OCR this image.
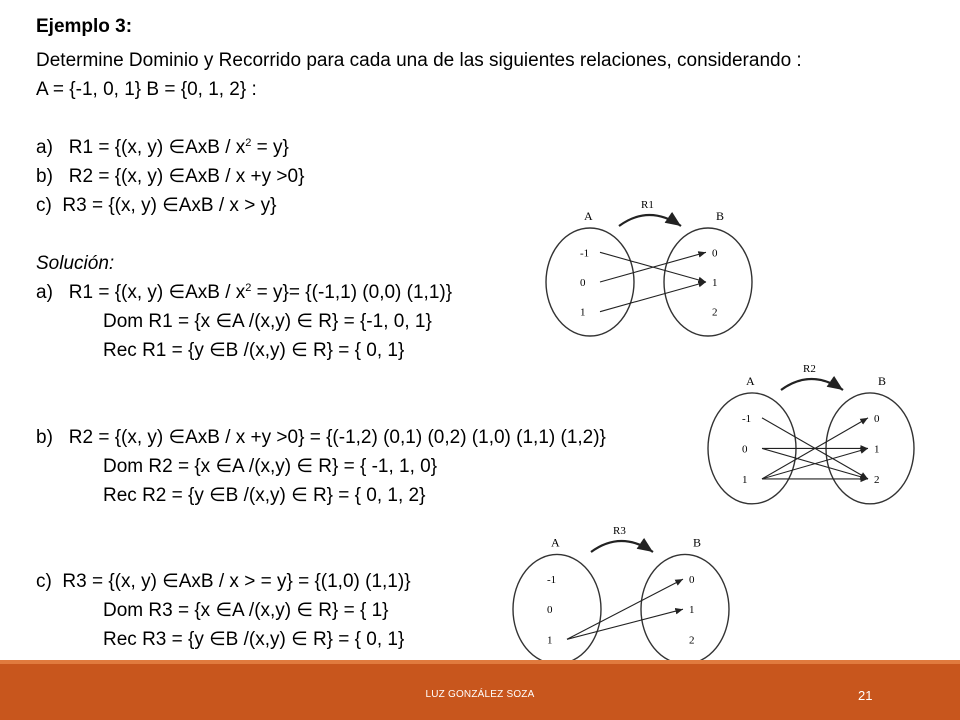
Ejemplo 3:
Determine Dominio y Recorrido para cada una de las siguientes relaciones, considerando :
A = {-1, 0, 1} B = {0, 1, 2} :
a) R1 = {(x, y) ∈AxB / $x^2 = y$}
b) R2 = {(x, y) ∈AxB / x +y >0}
c) R3 = {(x, y) ∈AxB / x > y}
Solución:
a) R1 = {(x, y) ∈AxB / $x^2 = y\}= \{(-1,1)$ (0,0) (1,1)}
Dom R1 = {x ∈A /(x,y) ∈ R} = {-1, 0, 1}
Rec R1 = {y ∈B /(x,y) ∈ R} = { 0, 1}
b) R2 = {(x, y) ∈AxB / x +y >0} = {(-1,2) (0,1) (0,2) (1,0) (1,1) (1,2)}
Dom R2 = {x ∈A /(x,y) ∈ R} = { -1, 1, 0}
Rec R2 = {y ∈B /(x,y) ∈ R} = { 0, 1, 2}
c) R3 = {(x, y) ∈AxB / x > = y} = {(1,0) (1,1)}
Dom R3 = {x ∈A /(x,y) ∈ R} = { 1}
Rec R3 = {y ∈B /(x,y) ∈ R} = { 0, 1}
A	B
R1
-1
0
1
0
1
2
A	B
R2
-1
0
1
0
1
2
A	B
R3
-1
0
1
0
1
2
LUZ GONZÁLEZ SOZA	21
